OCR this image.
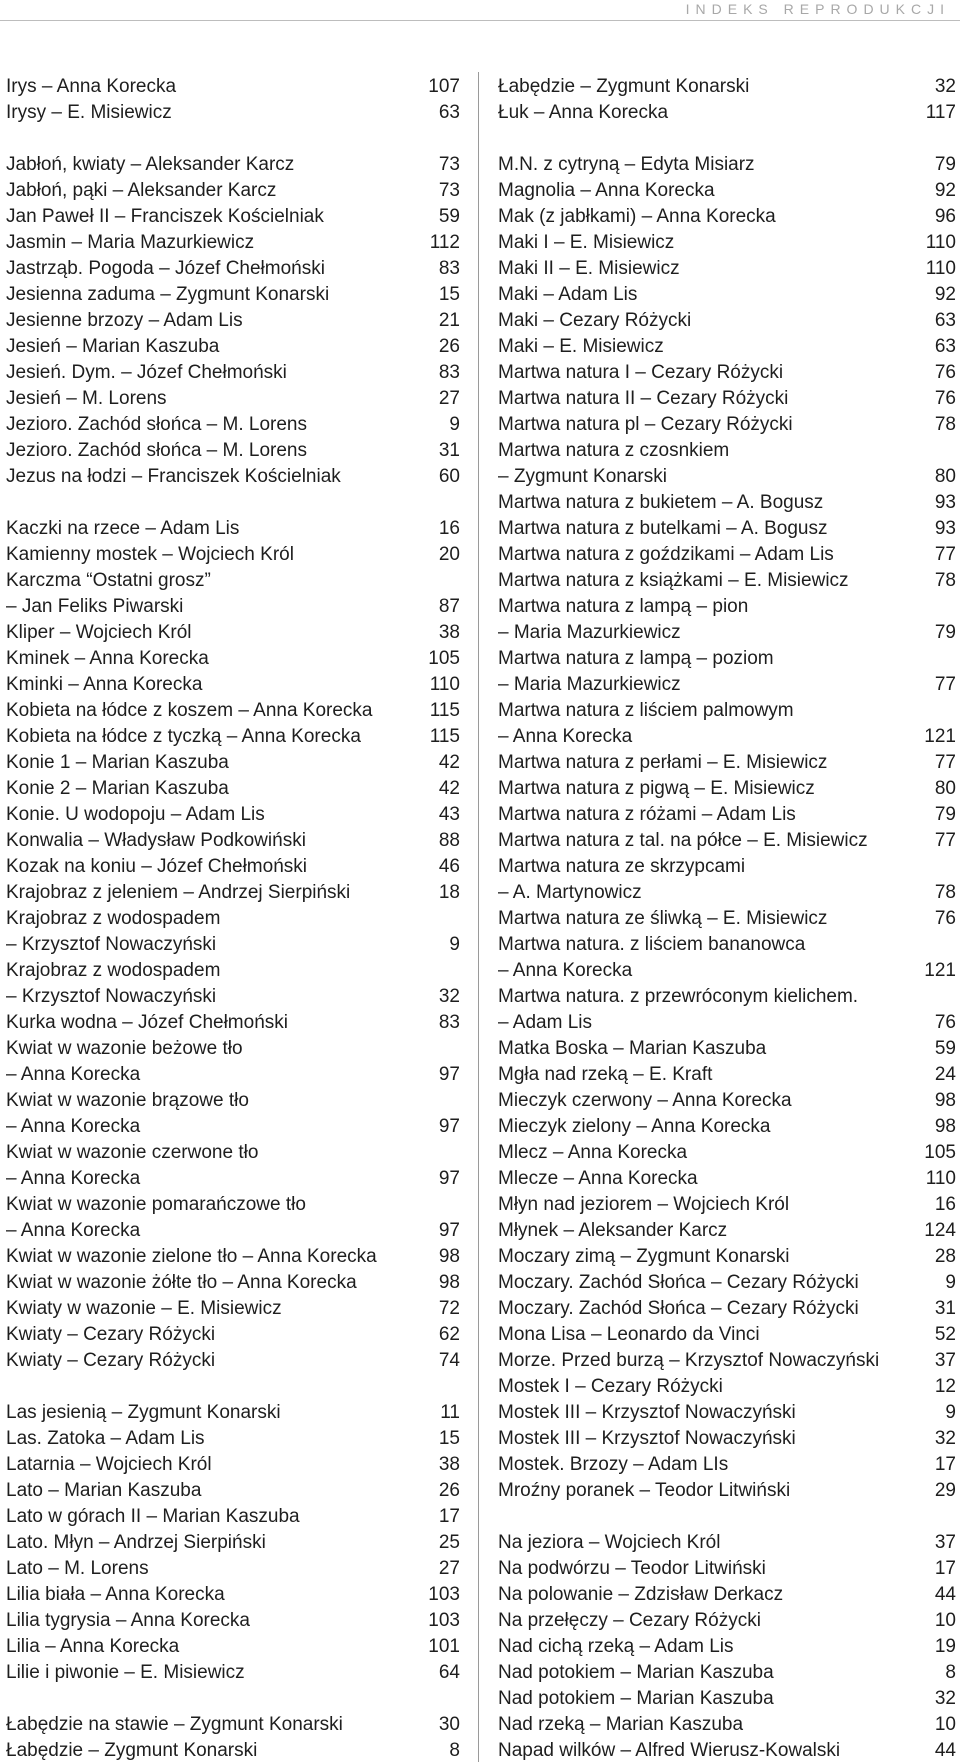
INDEKS REPRODUKCJI
Irys – Anna Korecka	107
Irysy – E. Misiewicz	63
Jabłoń, kwiaty – Aleksander Karcz	73
Jabłoń, pąki – Aleksander Karcz	73
Jan Paweł II – Franciszek Kościelniak	59
Jasmin – Maria Mazurkiewicz	112
Jastrząb. Pogoda – Józef Chełmoński	83
Jesienna zaduma – Zygmunt Konarski	15
Jesienne brzozy – Adam Lis	21
Jesień – Marian Kaszuba	26
Jesień. Dym. – Józef Chełmoński	83
Jesień – M. Lorens	27
Jezioro. Zachód słońca – M. Lorens	9
Jezioro. Zachód słońca – M. Lorens	31
Jezus na łodzi – Franciszek Kościelniak	60
Kaczki na rzece – Adam Lis	16
Kamienny mostek – Wojciech Król	20
Karczma “Ostatni grosz”
– Jan Feliks Piwarski	87
Kliper – Wojciech Król	38
Kminek – Anna Korecka	105
Kminki – Anna Korecka	110
Kobieta na łódce z koszem – Anna Korecka	115
Kobieta na łódce z tyczką – Anna Korecka	115
Konie 1 – Marian Kaszuba	42
Konie 2 – Marian Kaszuba	42
Konie. U wodopoju – Adam Lis	43
Konwalia – Władysław Podkowiński	88
Kozak na koniu – Józef Chełmoński	46
Krajobraz z jeleniem – Andrzej Sierpiński	18
Krajobraz z wodospadem
– Krzysztof Nowaczyński	9
Krajobraz z wodospadem
– Krzysztof Nowaczyński	32
Kurka wodna – Józef Chełmoński	83
Kwiat w wazonie beżowe tło
– Anna Korecka	97
Kwiat w wazonie brązowe tło
– Anna Korecka	97
Kwiat w wazonie czerwone tło
– Anna Korecka	97
Kwiat w wazonie pomarańczowe tło
– Anna Korecka	97
Kwiat w wazonie zielone tło – Anna Korecka	98
Kwiat w wazonie żółte tło – Anna Korecka	98
Kwiaty w wazonie – E. Misiewicz	72
Kwiaty – Cezary Różycki	62
Kwiaty – Cezary Różycki	74
Las jesienią – Zygmunt Konarski	11
Las. Zatoka – Adam Lis	15
Latarnia – Wojciech Król	38
Lato – Marian Kaszuba	26
Lato w górach II – Marian Kaszuba	17
Lato. Młyn – Andrzej Sierpiński	25
Lato – M. Lorens	27
Lilia biała – Anna Korecka	103
Lilia tygrysia – Anna Korecka	103
Lilia – Anna Korecka	101
Lilie i piwonie – E. Misiewicz	64
Łabędzie na stawie – Zygmunt Konarski	30
Łabędzie – Zygmunt Konarski	8
Łabędzie – Zygmunt Konarski	32
Łuk – Anna Korecka	117
M.N. z cytryną – Edyta Misiarz	79
Magnolia – Anna Korecka	92
Mak (z jabłkami) – Anna Korecka	96
Maki I – E. Misiewicz	110
Maki II – E. Misiewicz	110
Maki – Adam Lis	92
Maki – Cezary Różycki	63
Maki – E. Misiewicz	63
Martwa natura I – Cezary Różycki	76
Martwa natura II – Cezary Różycki	76
Martwa natura pl – Cezary Różycki	78
Martwa natura z czosnkiem
– Zygmunt Konarski	80
Martwa natura z bukietem – A. Bogusz	93
Martwa natura z butelkami – A. Bogusz	93
Martwa natura z goździkami – Adam Lis	77
Martwa natura z książkami – E. Misiewicz	78
Martwa natura z lampą – pion
– Maria Mazurkiewicz	79
Martwa natura z lampą – poziom
– Maria Mazurkiewicz	77
Martwa natura z liściem palmowym
– Anna Korecka	121
Martwa natura z perłami – E. Misiewicz	77
Martwa natura z pigwą – E. Misiewicz	80
Martwa natura z różami – Adam Lis	79
Martwa natura z tal. na półce – E. Misiewicz	77
Martwa natura ze skrzypcami
– A. Martynowicz	78
Martwa natura ze śliwką – E. Misiewicz	76
Martwa natura. z liściem bananowca
– Anna Korecka	121
Martwa natura. z przewróconym kielichem.
– Adam Lis	76
Matka Boska – Marian Kaszuba	59
Mgła nad rzeką – E. Kraft	24
Mieczyk czerwony – Anna Korecka	98
Mieczyk zielony – Anna Korecka	98
Mlecz – Anna Korecka	105
Mlecze – Anna Korecka	110
Młyn nad jeziorem – Wojciech Król	16
Młynek – Aleksander Karcz	124
Moczary zimą – Zygmunt Konarski	28
Moczary. Zachód Słońca – Cezary Różycki	9
Moczary. Zachód Słońca – Cezary Różycki	31
Mona Lisa – Leonardo da Vinci	52
Morze. Przed burzą – Krzysztof Nowaczyński	37
Mostek I – Cezary Różycki	12
Mostek III – Krzysztof Nowaczyński	9
Mostek III – Krzysztof Nowaczyński	32
Mostek. Brzozy – Adam LIs	17
Mroźny poranek – Teodor Litwiński	29
Na jeziora – Wojciech Król	37
Na podwórzu – Teodor Litwiński	17
Na polowanie – Zdzisław Derkacz	44
Na przełęczy – Cezary Różycki	10
Nad cichą rzeką – Adam Lis	19
Nad potokiem – Marian Kaszuba	8
Nad potokiem – Marian Kaszuba	32
Nad rzeką – Marian Kaszuba	10
Napad wilków – Alfred Wierusz-Kowalski	44
